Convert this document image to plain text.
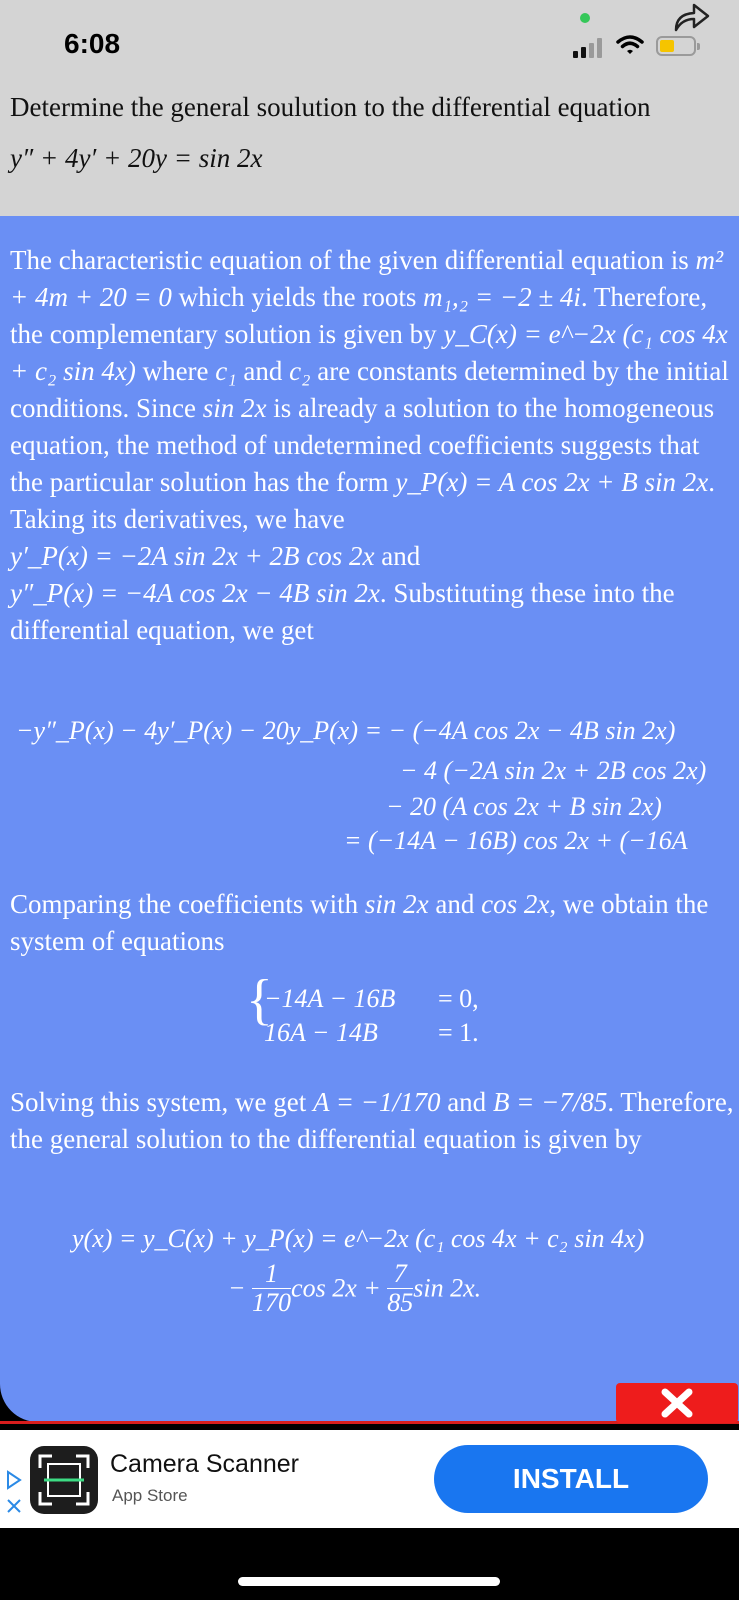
6:08
Determine the general soulution to the differential equation
y″ + 4y′ + 20y = sin 2x

The characteristic equation of the given differential equation is m² + 4m + 20 = 0 which yields the roots m₁,₂ = −2 ± 4i. Therefore, the complementary solution is given by y_C(x) = e^−2x (c₁ cos 4x + c₂ sin 4x) where c₁ and c₂ are constants determined by the initial conditions. Since sin 2x is already a solution to the homogeneous equation, the method of undetermined coefficients suggests that the particular solution has the form y_P(x) = A cos 2x + B sin 2x. Taking its derivatives, we have
y′_P(x) = −2A sin 2x + 2B cos 2x and
y″_P(x) = −4A cos 2x − 4B sin 2x. Substituting these into the differential equation, we get

−y″_P(x) − 4y′_P(x) − 20y_P(x) = − (−4A cos 2x − 4B sin 2x)
− 4 (−2A sin 2x + 2B cos 2x)
− 20 (A cos 2x + B sin 2x)
= (−14A − 16B) cos 2x + (−16A

Comparing the coefficients with sin 2x and cos 2x, we obtain the system of equations

{
−14A − 16B = 0,
16A − 14B = 1.

Solving this system, we get A = −1/170 and B = −7/85. Therefore, the general solution to the differential equation is given by

y(x) = y_C(x) + y_P(x) = e^−2x (c₁ cos 4x + c₂ sin 4x)
− $\frac{1}{170}$ $\cos 2x + \frac{7}{85}$ sin 2x.
Camera Scanner
App Store
INSTALL
